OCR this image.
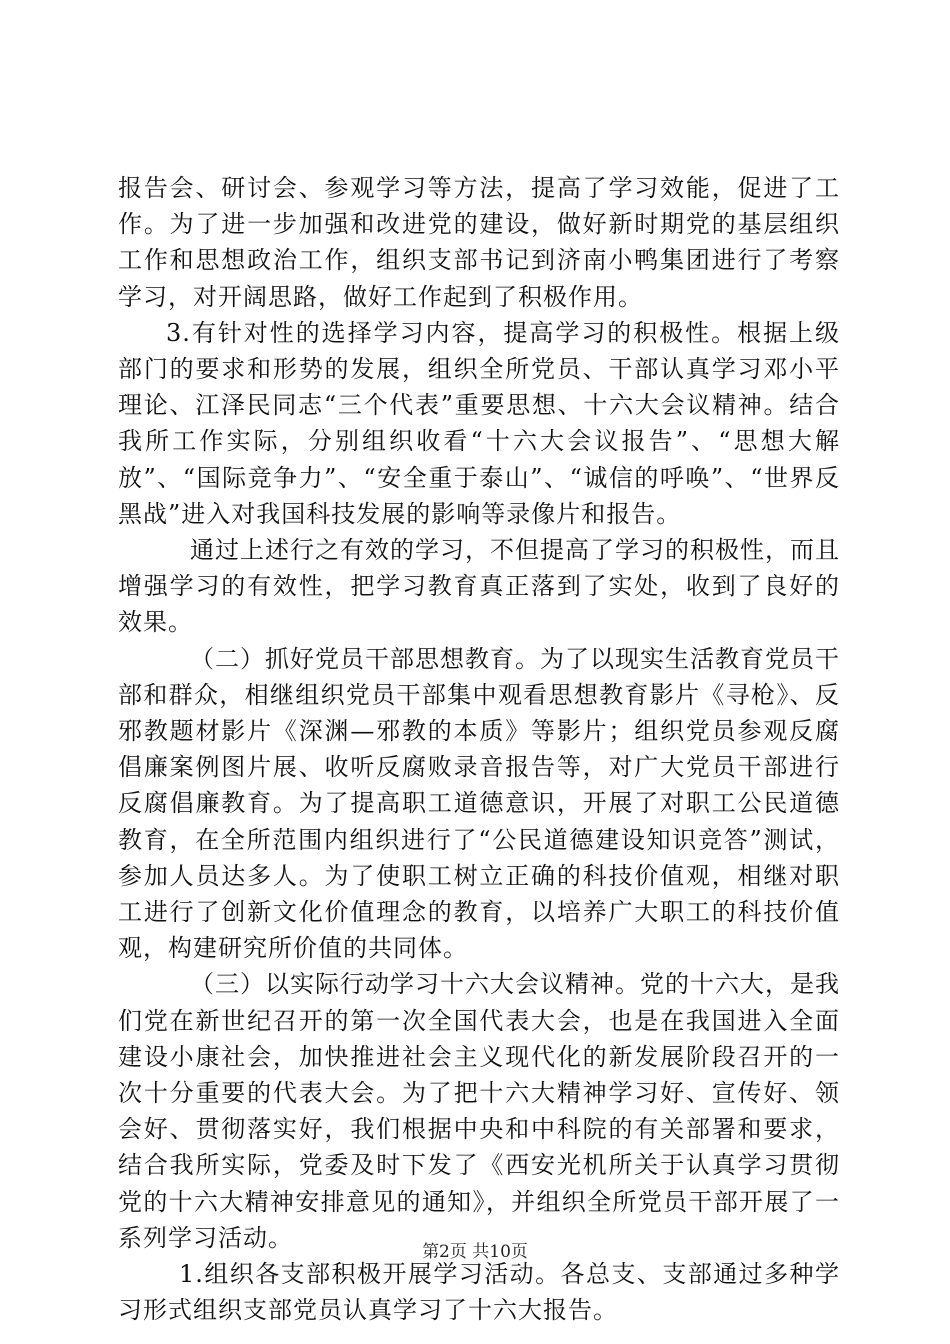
报告会、研讨会、参观学习等方法，提高了学习效能，促进了工作。为了进一步加强和改进党的建设，做好新时期党的基层组织工作和思想政治工作，组织支部书记到济南小鸭集团进行了考察学习，对开阔思路，做好工作起到了积极作用。

3.有针对性的选择学习内容，提高学习的积极性。根据上级部门的要求和形势的发展，组织全所党员、干部认真学习邓小平理论、江泽民同志“三个代表”重要思想、十六大会议精神。结合我所工作实际，分别组织收看“十六大会议报告”、“思想大解放”、“国际竞争力”、“安全重于泰山”、“诚信的呼唤”、“世界反黑战”进入对我国科技发展的影响等录像片和报告。

通过上述行之有效的学习，不但提高了学习的积极性，而且增强学习的有效性，把学习教育真正落到了实处，收到了良好的效果。

（二）抓好党员干部思想教育。为了以现实生活教育党员干部和群众，相继组织党员干部集中观看思想教育影片《寻枪》、反邪教题材影片《深渊—邪教的本质》等影片；组织党员参观反腐倡廉案例图片展、收听反腐败录音报告等，对广大党员干部进行反腐倡廉教育。为了提高职工道德意识，开展了对职工公民道德教育，在全所范围内组织进行了“公民道德建设知识竞答”测试，参加人员达多人。为了使职工树立正确的科技价值观，相继对职工进行了创新文化价值理念的教育，以培养广大职工的科技价值观，构建研究所价值的共同体。

（三）以实际行动学习十六大会议精神。党的十六大，是我们党在新世纪召开的第一次全国代表大会，也是在我国进入全面建设小康社会，加快推进社会主义现代化的新发展阶段召开的一次十分重要的代表大会。为了把十六大精神学习好、宣传好、领会好、贯彻落实好，我们根据中央和中科院的有关部署和要求，结合我所实际，党委及时下发了《西安光机所关于认真学习贯彻党的十六大精神安排意见的通知》，并组织全所党员干部开展了一系列学习活动。

1.组织各支部积极开展学习活动。各总支、支部通过多种学习形式组织支部党员认真学习了十六大报告。

第2页 共10页
